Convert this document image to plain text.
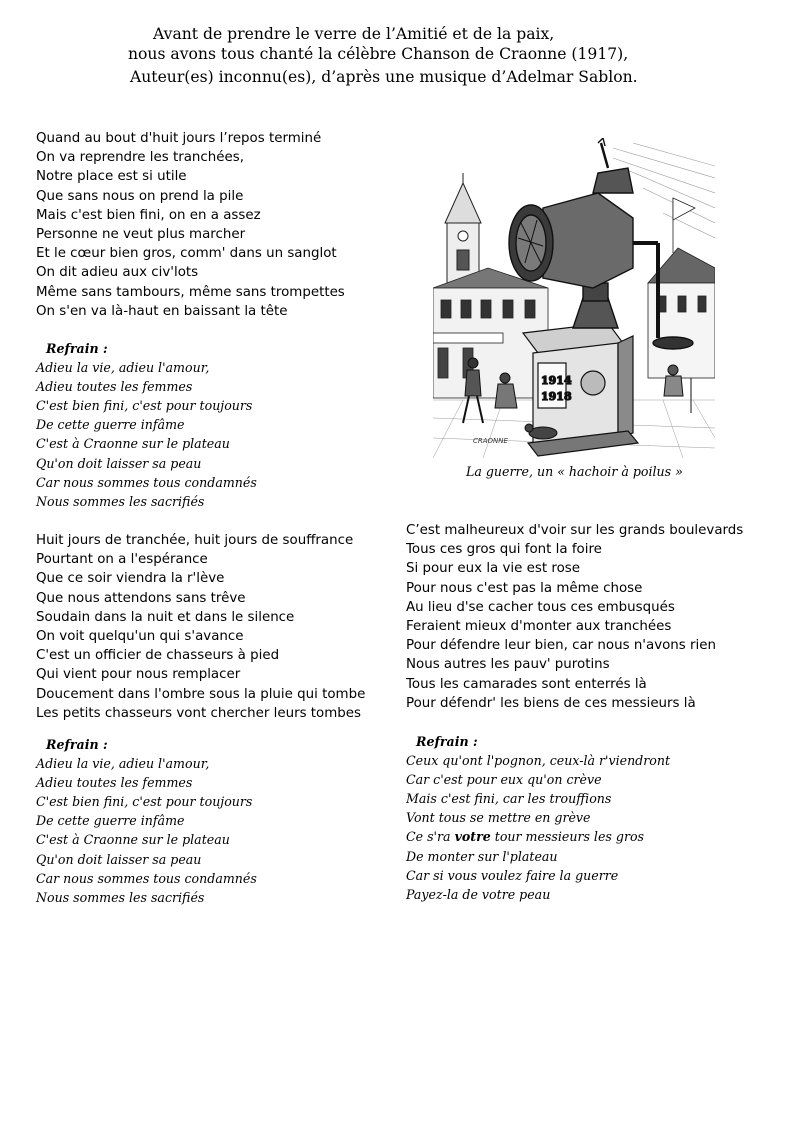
Avant de prendre le verre de l’Amitié et de la paix,
nous avons tous chanté la célèbre Chanson de Craonne (1917),
Auteur(es) inconnu(es), d’après une musique d’Adelmar Sablon.
Quand au bout d'huit jours l’repos terminé
On va reprendre les tranchées,
Notre place est si utile
Que sans nous on prend la pile
Mais c'est bien fini, on en a assez
Personne ne veut plus marcher
Et le cœur bien gros, comm' dans un sanglot
On dit adieu aux civ'lots
Même sans tambours, même sans trompettes
On s'en va là-haut en baissant la tête
Refrain :
Adieu la vie, adieu l'amour,
Adieu toutes les femmes
C'est bien fini, c'est pour toujours
De cette guerre infâme
C'est à Craonne sur le plateau
Qu'on doit laisser sa peau
Car nous sommes tous condamnés
Nous sommes les sacrifiés
Huit jours de tranchée, huit jours de souffrance
Pourtant on a l'espérance
Que ce soir viendra la r'lève
Que nous attendons sans trêve
Soudain dans la nuit et dans le silence
On voit quelqu'un qui s'avance
C'est un officier de chasseurs à pied
Qui vient pour nous remplacer
Doucement dans l'ombre sous la pluie qui tombe
Les petits chasseurs vont chercher leurs tombes
Refrain :
Adieu la vie, adieu l'amour,
Adieu toutes les femmes
C'est bien fini, c'est pour toujours
De cette guerre infâme
C'est à Craonne sur le plateau
Qu'on doit laisser sa peau
Car nous sommes tous condamnés
Nous sommes les sacrifiés
1914
1918
CRAONNE
La guerre, un « hachoir à poilus »
C’est malheureux d'voir sur les grands boulevards
Tous ces gros qui font la foire
Si pour eux la vie est rose
Pour nous c'est pas la même chose
Au lieu d'se cacher tous ces embusqués
Feraient mieux d'monter aux tranchées
Pour défendre leur bien, car nous n'avons rien
Nous autres les pauv' purotins
Tous les camarades sont enterrés là
Pour défendr' les biens de ces messieurs là
Refrain :
Ceux qu'ont l'pognon, ceux-là r'viendront
Car c'est pour eux qu'on crève
Mais c'est fini, car les trouffions
Vont tous se mettre en grève
Ce s'ra votre tour messieurs les gros
De monter sur l'plateau
Car si vous voulez faire la guerre
Payez-la de votre peau
